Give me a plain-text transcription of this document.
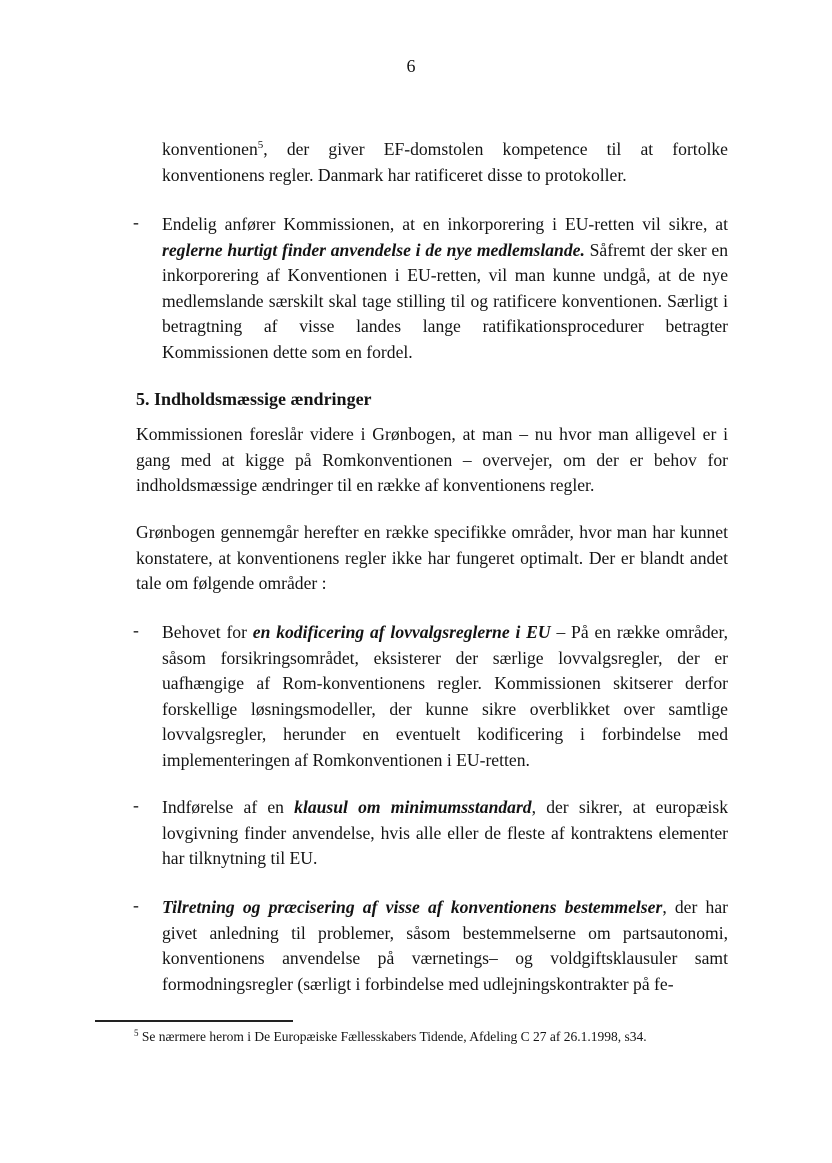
6

konventionen$^5$, der giver EF-domstolen kompetence til at fortolke konventionens regler. Danmark har ratificeret disse to protokoller.

- Endelig anfører Kommissionen, at en inkorporering i EU-retten vil sikre, at reglerne hurtigt finder anvendelse i de nye medlemslande. Såfremt der sker en inkorporering af Konventionen i EU-retten, vil man kunne undgå, at de nye medlemslande særskilt skal tage stilling til og ratificere konventionen. Særligt i betragtning af visse landes lange ratifikationsprocedurer betragter Kommissionen dette som en fordel.

5. Indholdsmæssige ændringer

Kommissionen foreslår videre i Grønbogen, at man – nu hvor man alligevel er i gang med at kigge på Romkonventionen – overvejer, om der er behov for indholdsmæssige ændringer til en række af konventionens regler.

Grønbogen gennemgår herefter en række specifikke områder, hvor man har kunnet konstatere, at konventionens regler ikke har fungeret optimalt. Der er blandt andet tale om følgende områder :

- Behovet for en kodificering af lovvalgsreglerne i EU – På en række områder, såsom forsikringsområdet, eksisterer der særlige lovvalgsregler, der er uafhængige af Rom-konventionens regler. Kommissionen skitserer derfor forskellige løsningsmodeller, der kunne sikre overblikket over samtlige lovvalgsregler, herunder en eventuelt kodificering i forbindelse med implementeringen af Romkonventionen i EU-retten.

- Indførelse af en klausul om minimumsstandard, der sikrer, at europæisk lovgivning finder anvendelse, hvis alle eller de fleste af kontraktens elementer har tilknytning til EU.

- Tilretning og præcisering af visse af konventionens bestemmelser, der har givet anledning til problemer, såsom bestemmelserne om partsautonomi, konventionens anvendelse på værnetings– og voldgiftsklausuler samt formodningsregler (særligt i forbindelse med udlejningskontrakter på fe-

$^5$ Se nærmere herom i De Europæiske Fællesskabers Tidende, Afdeling C 27 af 26.1.1998, s34.
